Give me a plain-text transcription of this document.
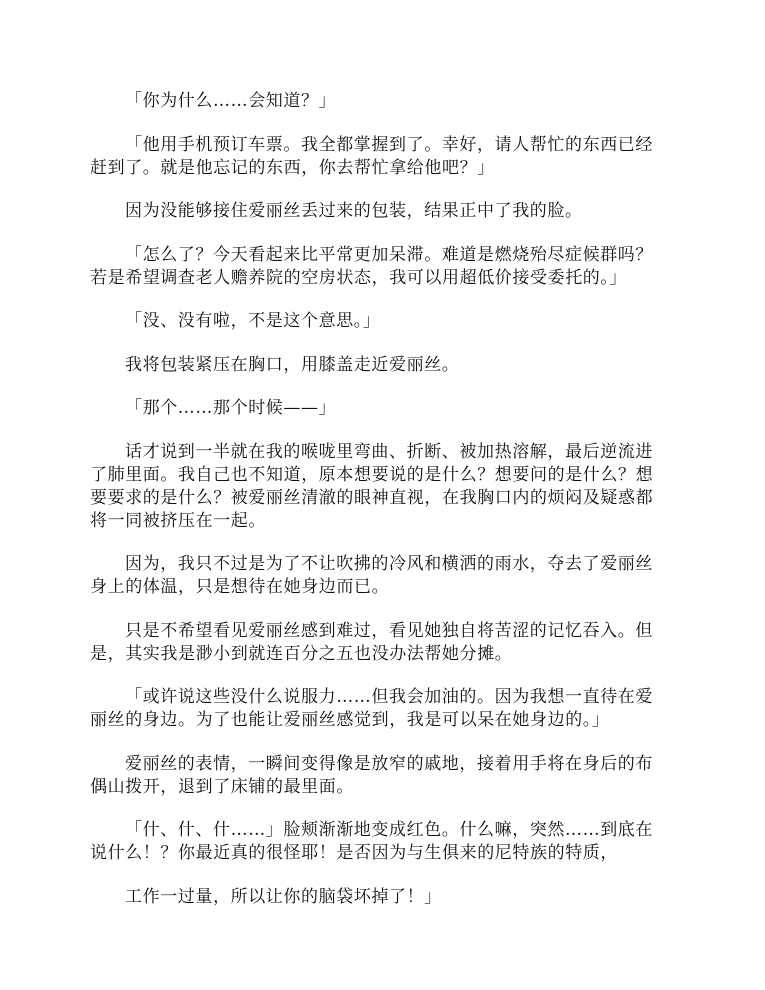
「你为什么……会知道？」

「他用手机预订车票。我全都掌握到了。幸好，请人帮忙的东西已经赶到了。就是他忘记的东西，你去帮忙拿给他吧？」

因为没能够接住爱丽丝丢过来的包装，结果正中了我的脸。

「怎么了？今天看起来比平常更加呆滞。难道是燃烧殆尽症候群吗？若是希望调查老人赡养院的空房状态，我可以用超低价接受委托的。」

「没、没有啦，不是这个意思。」

我将包装紧压在胸口，用膝盖走近爱丽丝。

「那个……那个时候——」

话才说到一半就在我的喉咙里弯曲、折断、被加热溶解，最后逆流进了肺里面。我自己也不知道，原本想要说的是什么？想要问的是什么？想要要求的是什么？被爱丽丝清澈的眼神直视，在我胸口内的烦闷及疑惑都将一同被挤压在一起。

因为，我只不过是为了不让吹拂的冷风和横洒的雨水，夺去了爱丽丝身上的体温，只是想待在她身边而已。

只是不希望看见爱丽丝感到难过，看见她独自将苦涩的记忆吞入。但是，其实我是渺小到就连百分之五也没办法帮她分摊。

「或许说这些没什么说服力……但我会加油的。因为我想一直待在爱丽丝的身边。为了也能让爱丽丝感觉到，我是可以呆在她身边的。」

爱丽丝的表情，一瞬间变得像是放窄的戚地，接着用手将在身后的布偶山拨开，退到了床铺的最里面。

「什、什、什……」脸颊渐渐地变成红色。什么嘛，突然……到底在说什么！？你最近真的很怪耶！是否因为与生俱来的尼特族的特质，

工作一过量，所以让你的脑袋坏掉了！」
